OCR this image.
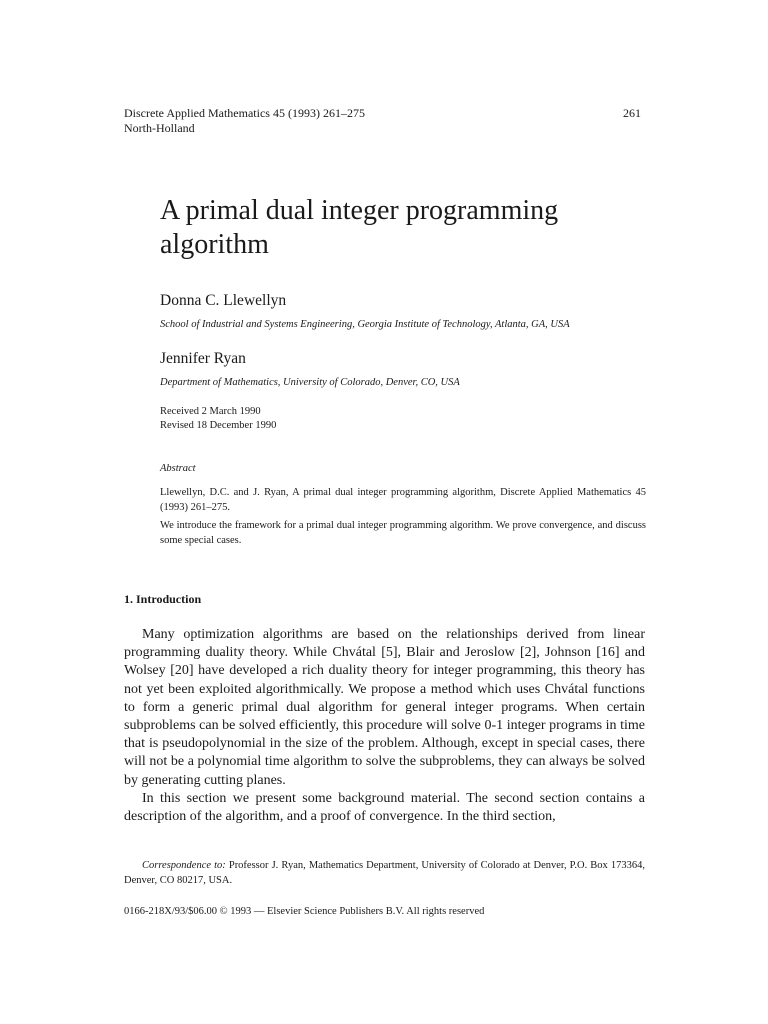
Discrete Applied Mathematics 45 (1993) 261–275
North-Holland
261
A primal dual integer programming algorithm
Donna C. Llewellyn
School of Industrial and Systems Engineering, Georgia Institute of Technology, Atlanta, GA, USA
Jennifer Ryan
Department of Mathematics, University of Colorado, Denver, CO, USA
Received 2 March 1990
Revised 18 December 1990
Abstract
Llewellyn, D.C. and J. Ryan, A primal dual integer programming algorithm, Discrete Applied Mathematics 45 (1993) 261–275.
We introduce the framework for a primal dual integer programming algorithm. We prove convergence, and discuss some special cases.
1. Introduction

Many optimization algorithms are based on the relationships derived from linear programming duality theory. While Chvátal [5], Blair and Jeroslow [2], Johnson [16] and Wolsey [20] have developed a rich duality theory for integer programming, this theory has not yet been exploited algorithmically. We propose a method which uses Chvátal functions to form a generic primal dual algorithm for general integer programs. When certain subproblems can be solved efficiently, this procedure will solve 0-1 integer programs in time that is pseudopolynomial in the size of the problem. Although, except in special cases, there will not be a polynomial time algorithm to solve the subproblems, they can always be solved by generating cutting planes.

In this section we present some background material. The second section contains a description of the algorithm, and a proof of convergence. In the third section,

Correspondence to: Professor J. Ryan, Mathematics Department, University of Colorado at Denver, P.O. Box 173364, Denver, CO 80217, USA.
0166-218X/93/$06.00 © 1993 — Elsevier Science Publishers B.V. All rights reserved
